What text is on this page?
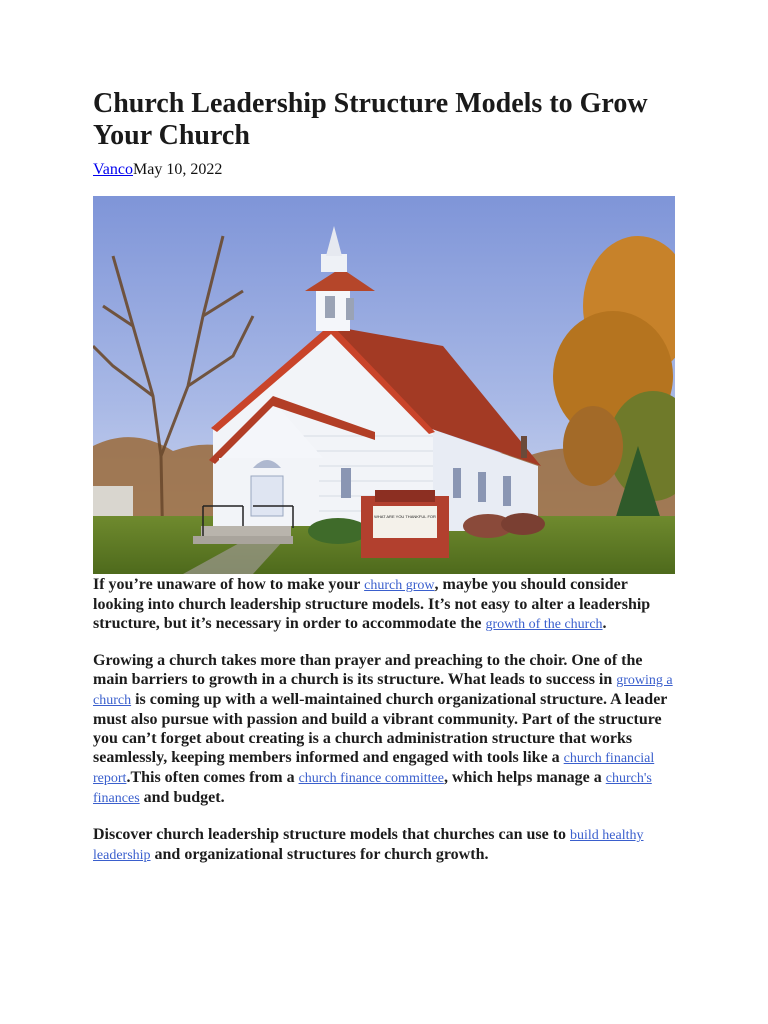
Church Leadership Structure Models to Grow Your Church
VancoMay 10, 2022
WHAT ARE YOU THANKFUL FOR

If you’re unaware of how to make your church grow, maybe you should consider looking into church leadership structure models. It’s not easy to alter a leadership structure, but it’s necessary in order to accommodate the growth of the church.

Growing a church takes more than prayer and preaching to the choir. One of the main barriers to growth in a church is its structure. What leads to success in growing a church is coming up with a well-maintained church organizational structure. A leader must also pursue with passion and build a vibrant community. Part of the structure you can’t forget about creating is a church administration structure that works seamlessly, keeping members informed and engaged with tools like a church financial report.This often comes from a church finance committee, which helps manage a church's finances and budget.

Discover church leadership structure models that churches can use to build healthy leadership and organizational structures for church growth.
